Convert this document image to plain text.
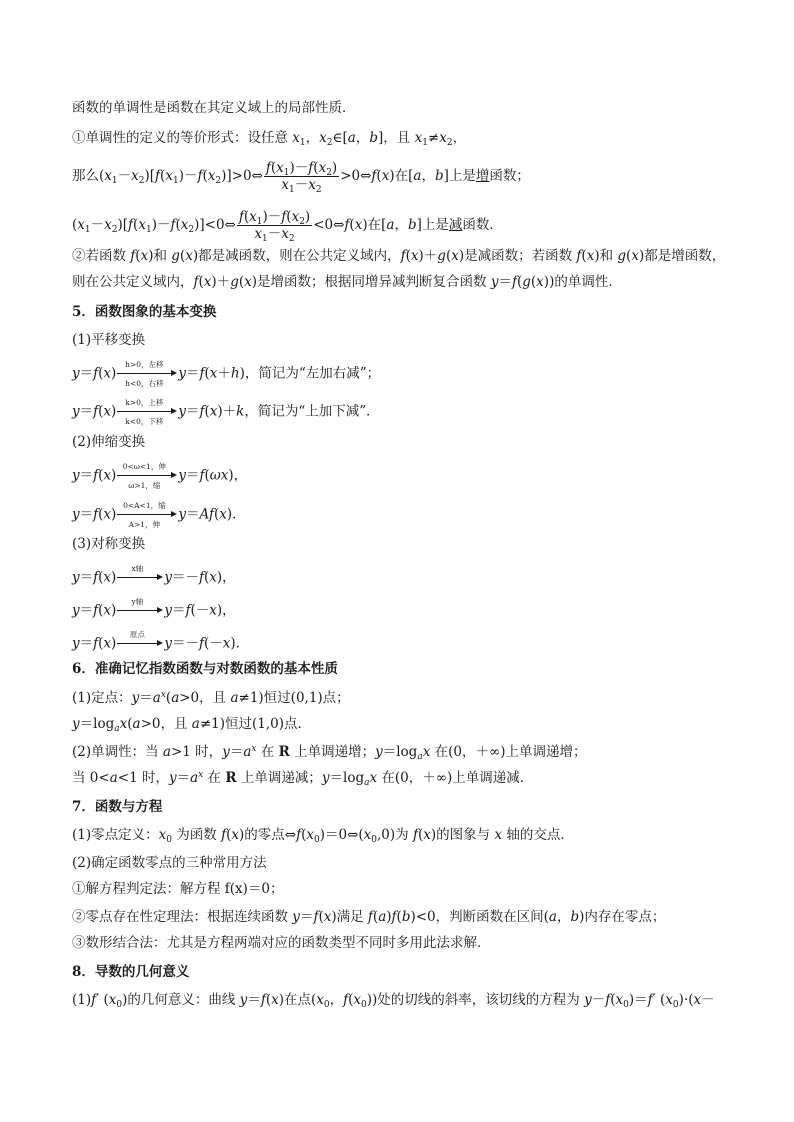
函数的单调性是函数在其定义域上的局部性质．
①单调性的定义的等价形式：设任意 $x_1$，$x_2\in[a$，b]，且 $x_1\ne x_2$，
那么$(x_1-x_2)[f(x_1)-f(x_2)]>0\Leftrightarrow \frac{f(x_1)-f(x_2)}{x_1-x_2}$ >0⇔f(x)在[a，b]上是增函数；
$(x_1-x_2)[f(x_1)-f(x_2)]<0\Leftrightarrow \frac{f(x_1)-f(x_2)}{x_1-x_2}$ <0⇔f(x)在[a，b]上是减函数．
②若函数 f(x)和 g(x)都是减函数，则在公共定义域内，f(x)＋g(x)是减函数；若函数 f(x)和 g(x)都是增函数，
则在公共定义域内，f(x)＋g(x)是增函数；根据同增异减判断复合函数 y＝f(g(x))的单调性．
5．函数图象的基本变换
(1)平移变换
y＝f(x)
h>0，左移
h<0，右移
y＝f(x＋h)，简记为“左加右减”；
y＝f(x)
k>0，上移
k<0，下移
y＝f(x)＋k，简记为“上加下减”．
(2)伸缩变换
y＝f(x)
0<ω<1，伸
ω>1，缩
y＝f(ωx)，
y＝f(x)
0<A<1，缩
A>1，伸
y＝Af(x)．
(3)对称变换
y＝f(x)
x轴
y＝－f(x)，
y＝f(x)
y轴
y＝f(－x)，
y＝f(x)
原点
y＝－f(－x)．
6．准确记忆指数函数与对数函数的基本性质
(1)定点：$y=a^x(a>0$，且 a≠1)恒过(0,1)点；
$y=\log_ax(a>0$，且 a≠1)恒过(1,0)点．
(2)单调性：当 a>1 时，$y=a^x$ 在 R 上单调递增；$y=\log_ax$ 在(0，＋∞)上单调递增；
当 0<a<1 时，$y=a^x$ 在 R 上单调递减；$y=\log_ax$ 在(0，＋∞)上单调递减．
7．函数与方程
(1)零点定义：$x_0$ 为函数 f(x)的零点$\Leftrightarrow f(x_0)=0\Leftrightarrow(x_0,0)$为 f(x)的图象与 x 轴的交点．
(2)确定函数零点的三种常用方法
①解方程判定法：解方程 f(x)＝0；
②零点存在性定理法：根据连续函数 y＝f(x)满足 f(a)f(b)<0，判断函数在区间(a，b)内存在零点；
③数形结合法：尤其是方程两端对应的函数类型不同时多用此法求解．
8．导数的几何意义
(1)f′ $(x_0)$的几何意义：曲线 y＝f(x)在点($x_0$，$f(x_0)$)处的切线的斜率，该切线的方程为 $y-f(x_0)=f'$ $(x_0)\cdot(x-$
